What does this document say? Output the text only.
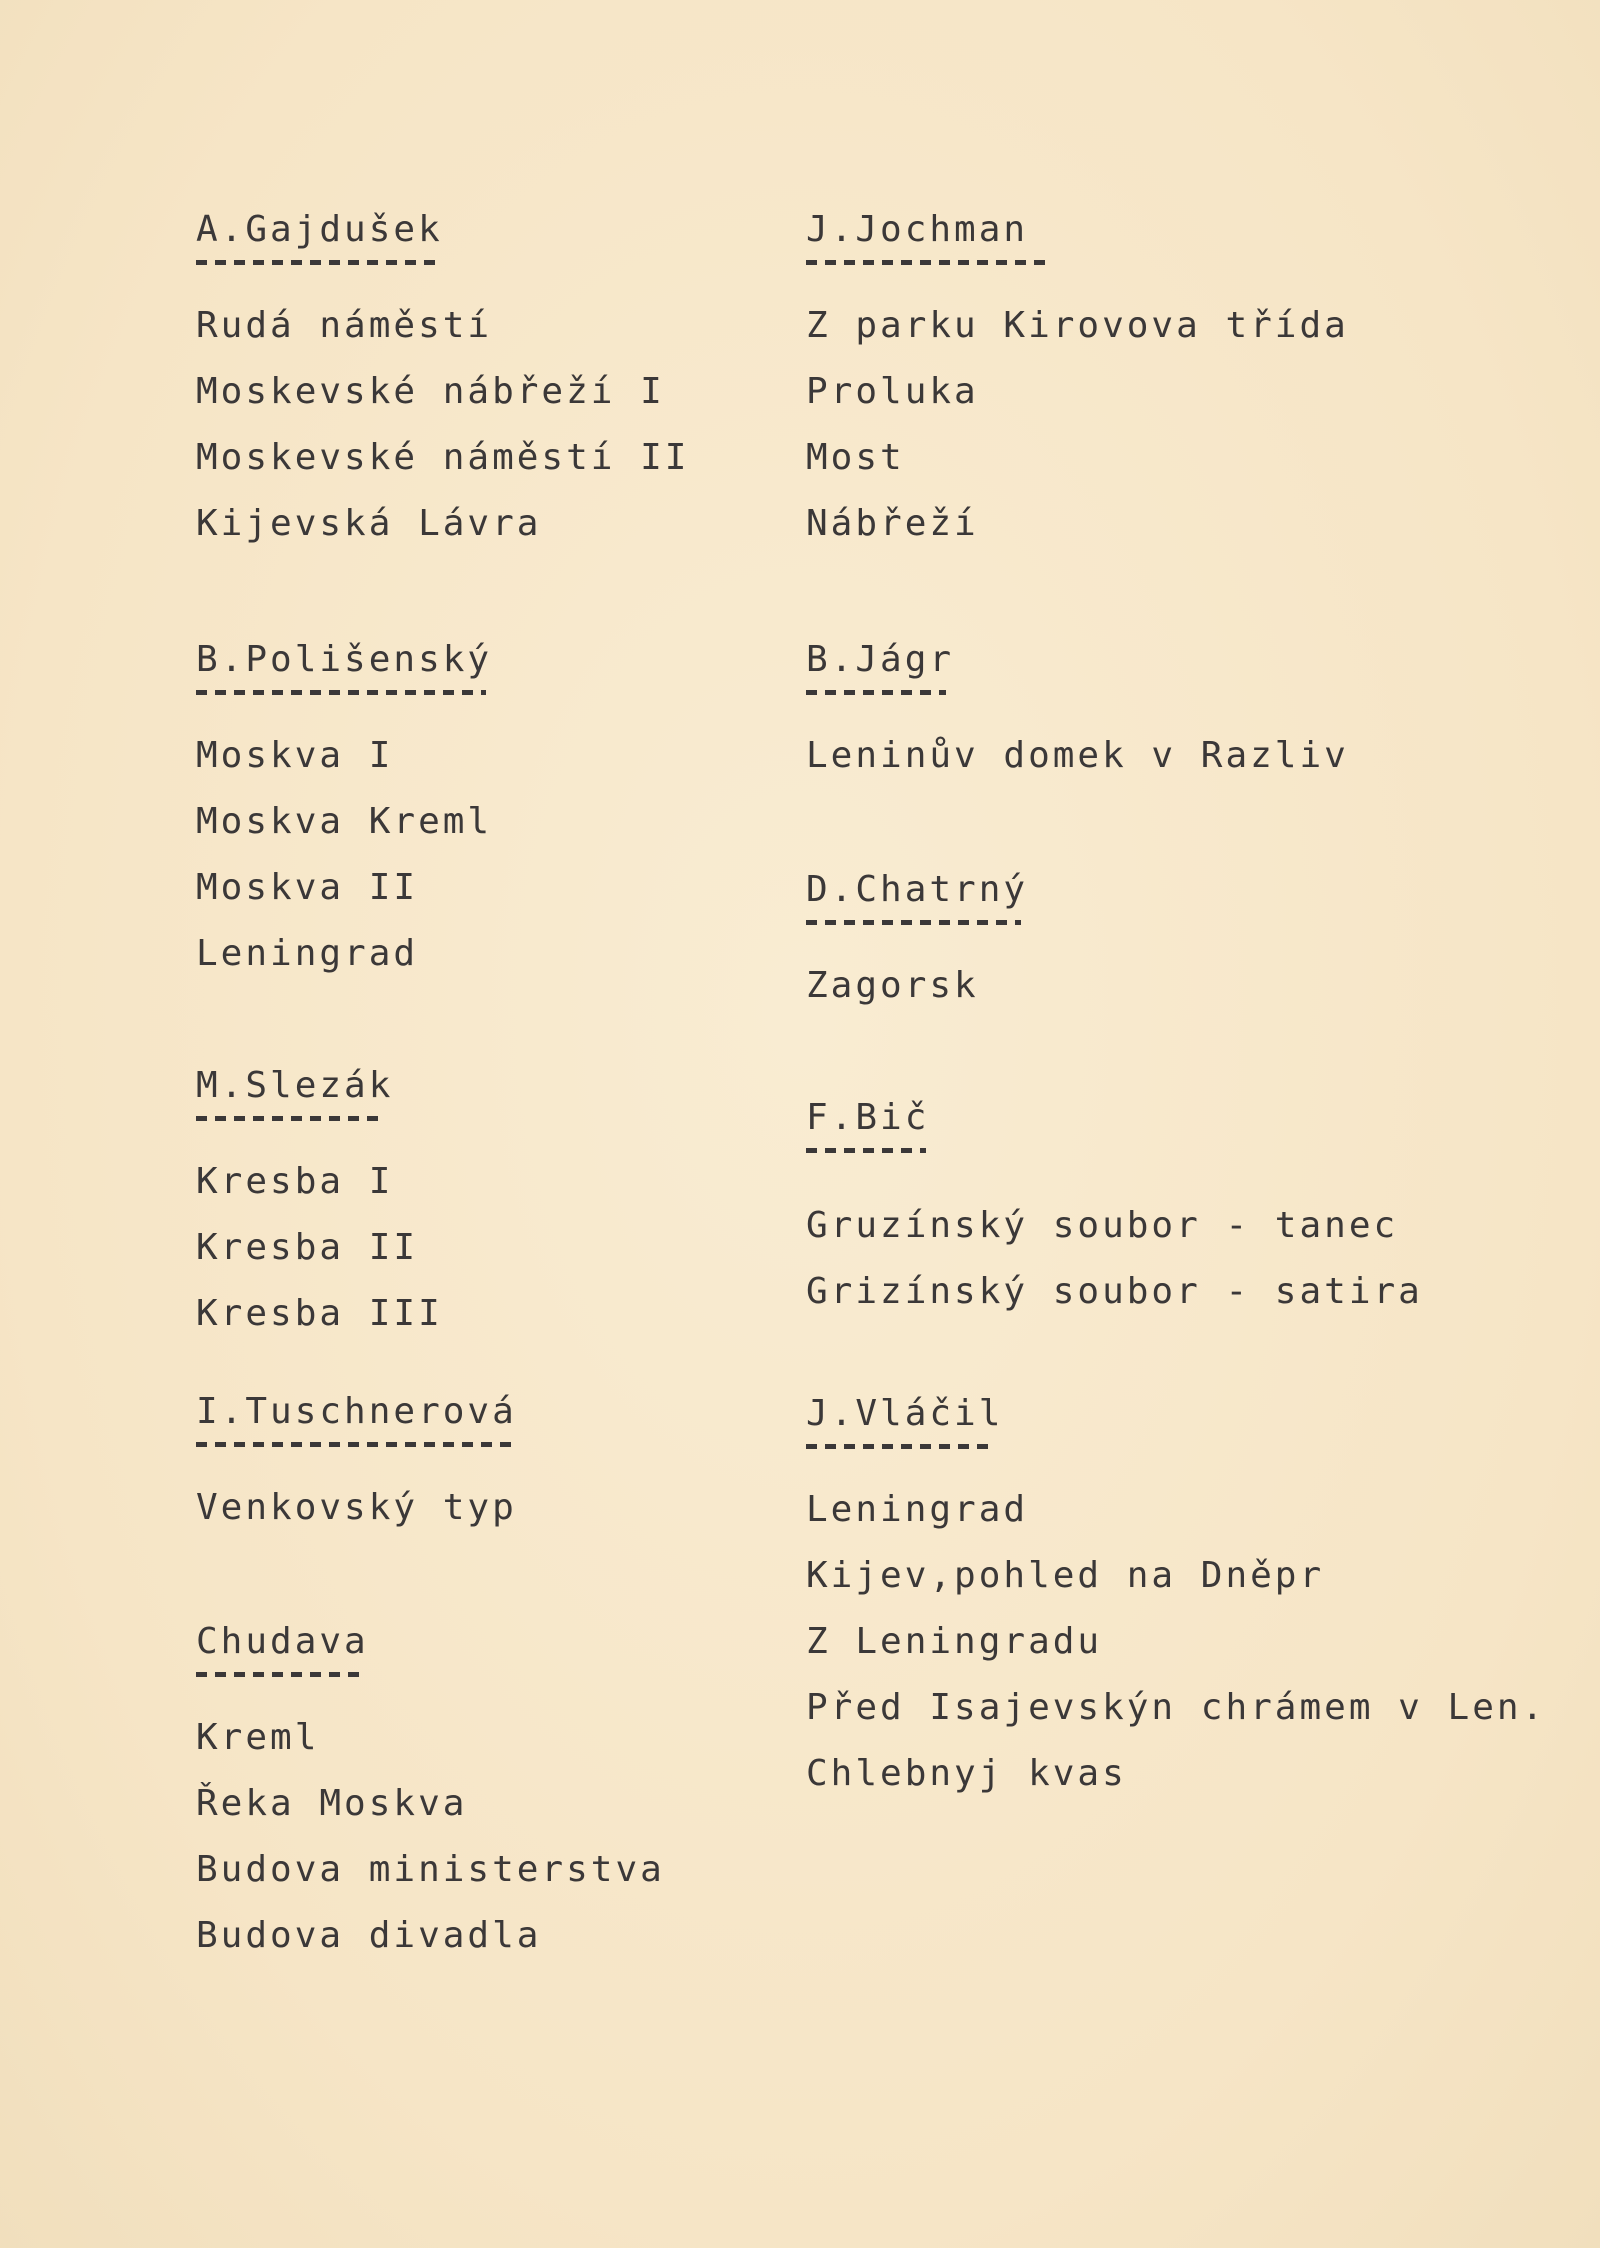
A.Gajdušek
Rudá náměstí
Moskevské nábřeží I
Moskevské náměstí II
Kijevská Lávra
B.Polišenský
Moskva I
Moskva Kreml
Moskva II
Leningrad
M.Slezák
Kresba I
Kresba II
Kresba III
I.Tuschnerová
Venkovský typ
Chudava
Kreml
Řeka Moskva
Budova ministerstva
Budova divadla
J.Jochman
Z parku Kirovova třída
Proluka
Most
Nábřeží
B.Jágr
Leninův domek v Razliv
D.Chatrný
Zagorsk
F.Bič
Gruzínský soubor - tanec
Grizínský soubor - satira
J.Vláčil
Leningrad
Kijev,pohled na Dněpr
Z Leningradu
Před Isajevskýn chrámem v Len.
Chlebnyj kvas
